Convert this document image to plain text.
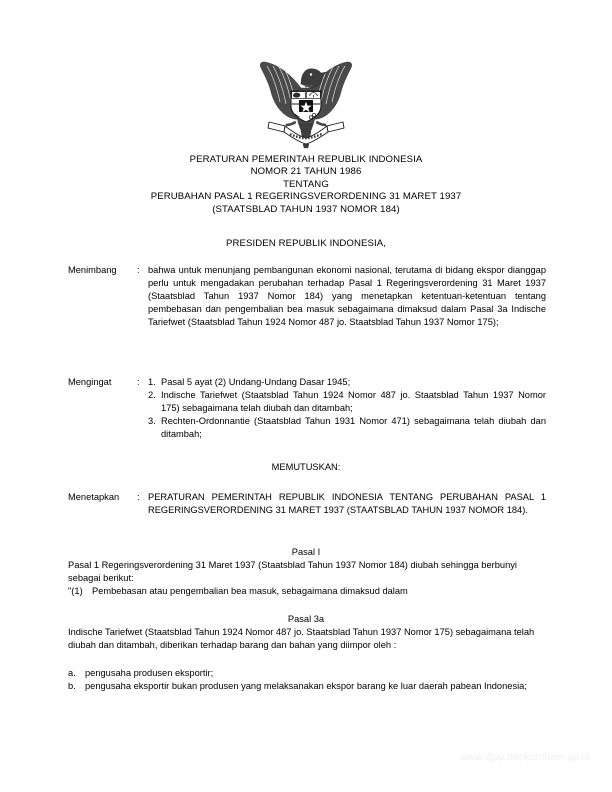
PERATURAN PEMERINTAH REPUBLIK INDONESIA
NOMOR 21 TAHUN 1986
TENTANG
PERUBAHAN PASAL 1 REGERINGSVERORDENING 31 MARET 1937
(STAATSBLAD TAHUN 1937 NOMOR 184)
PRESIDEN REPUBLIK INDONESIA,
Menimbang	: bahwa untuk menunjang pembangunan ekonomi nasional, terutama di bidang ekspor dianggap perlu untuk mengadakan perubahan terhadap Pasal 1 Regeringsverordening 31 Maret 1937 (Staatsblad Tahun 1937 Nomor 184) yang menetapkan ketentuan-ketentuan tentang pembebasan dan pengembalian bea masuk sebagaimana dimaksud dalam Pasal 3a Indische Tariefwet (Staatsblad Tahun 1924 Nomor 487 jo. Staatsblad Tahun 1937 Nomor 175);
Mengingat	: 1. Pasal 5 ayat (2) Undang-Undang Dasar 1945;
2. Indische Tariefwet (Staatsblad Tahun 1924 Nomor 487 jo. Staatsblad Tahun 1937 Nomor 175) sebagaimana telah diubah dan ditambah;
3. Rechten-Ordonnantie (Staatsblad Tahun 1931 Nomor 471) sebagaimana telah diubah dan ditambah;
MEMUTUSKAN:
Menetapkan	: PERATURAN PEMERINTAH REPUBLIK INDONESIA TENTANG PERUBAHAN PASAL 1 REGERINGSVERORDENING 31 MARET 1937 (STAATSBLAD TAHUN 1937 NOMOR 184).
Pasal I
Pasal 1 Regeringsverordening 31 Maret 1937 (Staatsblad Tahun 1937 Nomor 184) diubah sehingga berbunyi sebagai berikut:
"(1)	Pembebasan atau pengembalian bea masuk, sebagaimana dimaksud dalam
Pasal 3a
Indische Tariefwet (Staatsblad Tahun 1924 Nomor 487 jo. Staatsblad Tahun 1937 Nomor 175) sebagaimana telah diubah dan ditambah, diberikan terhadap barang dan bahan yang diimpor oleh :
a. pengusaha produsen eksportir;
b. pengusaha eksportir bukan produsen yang melaksanakan ekspor barang ke luar daerah pabean Indonesia;
www.djpp.depkumham.go.id
